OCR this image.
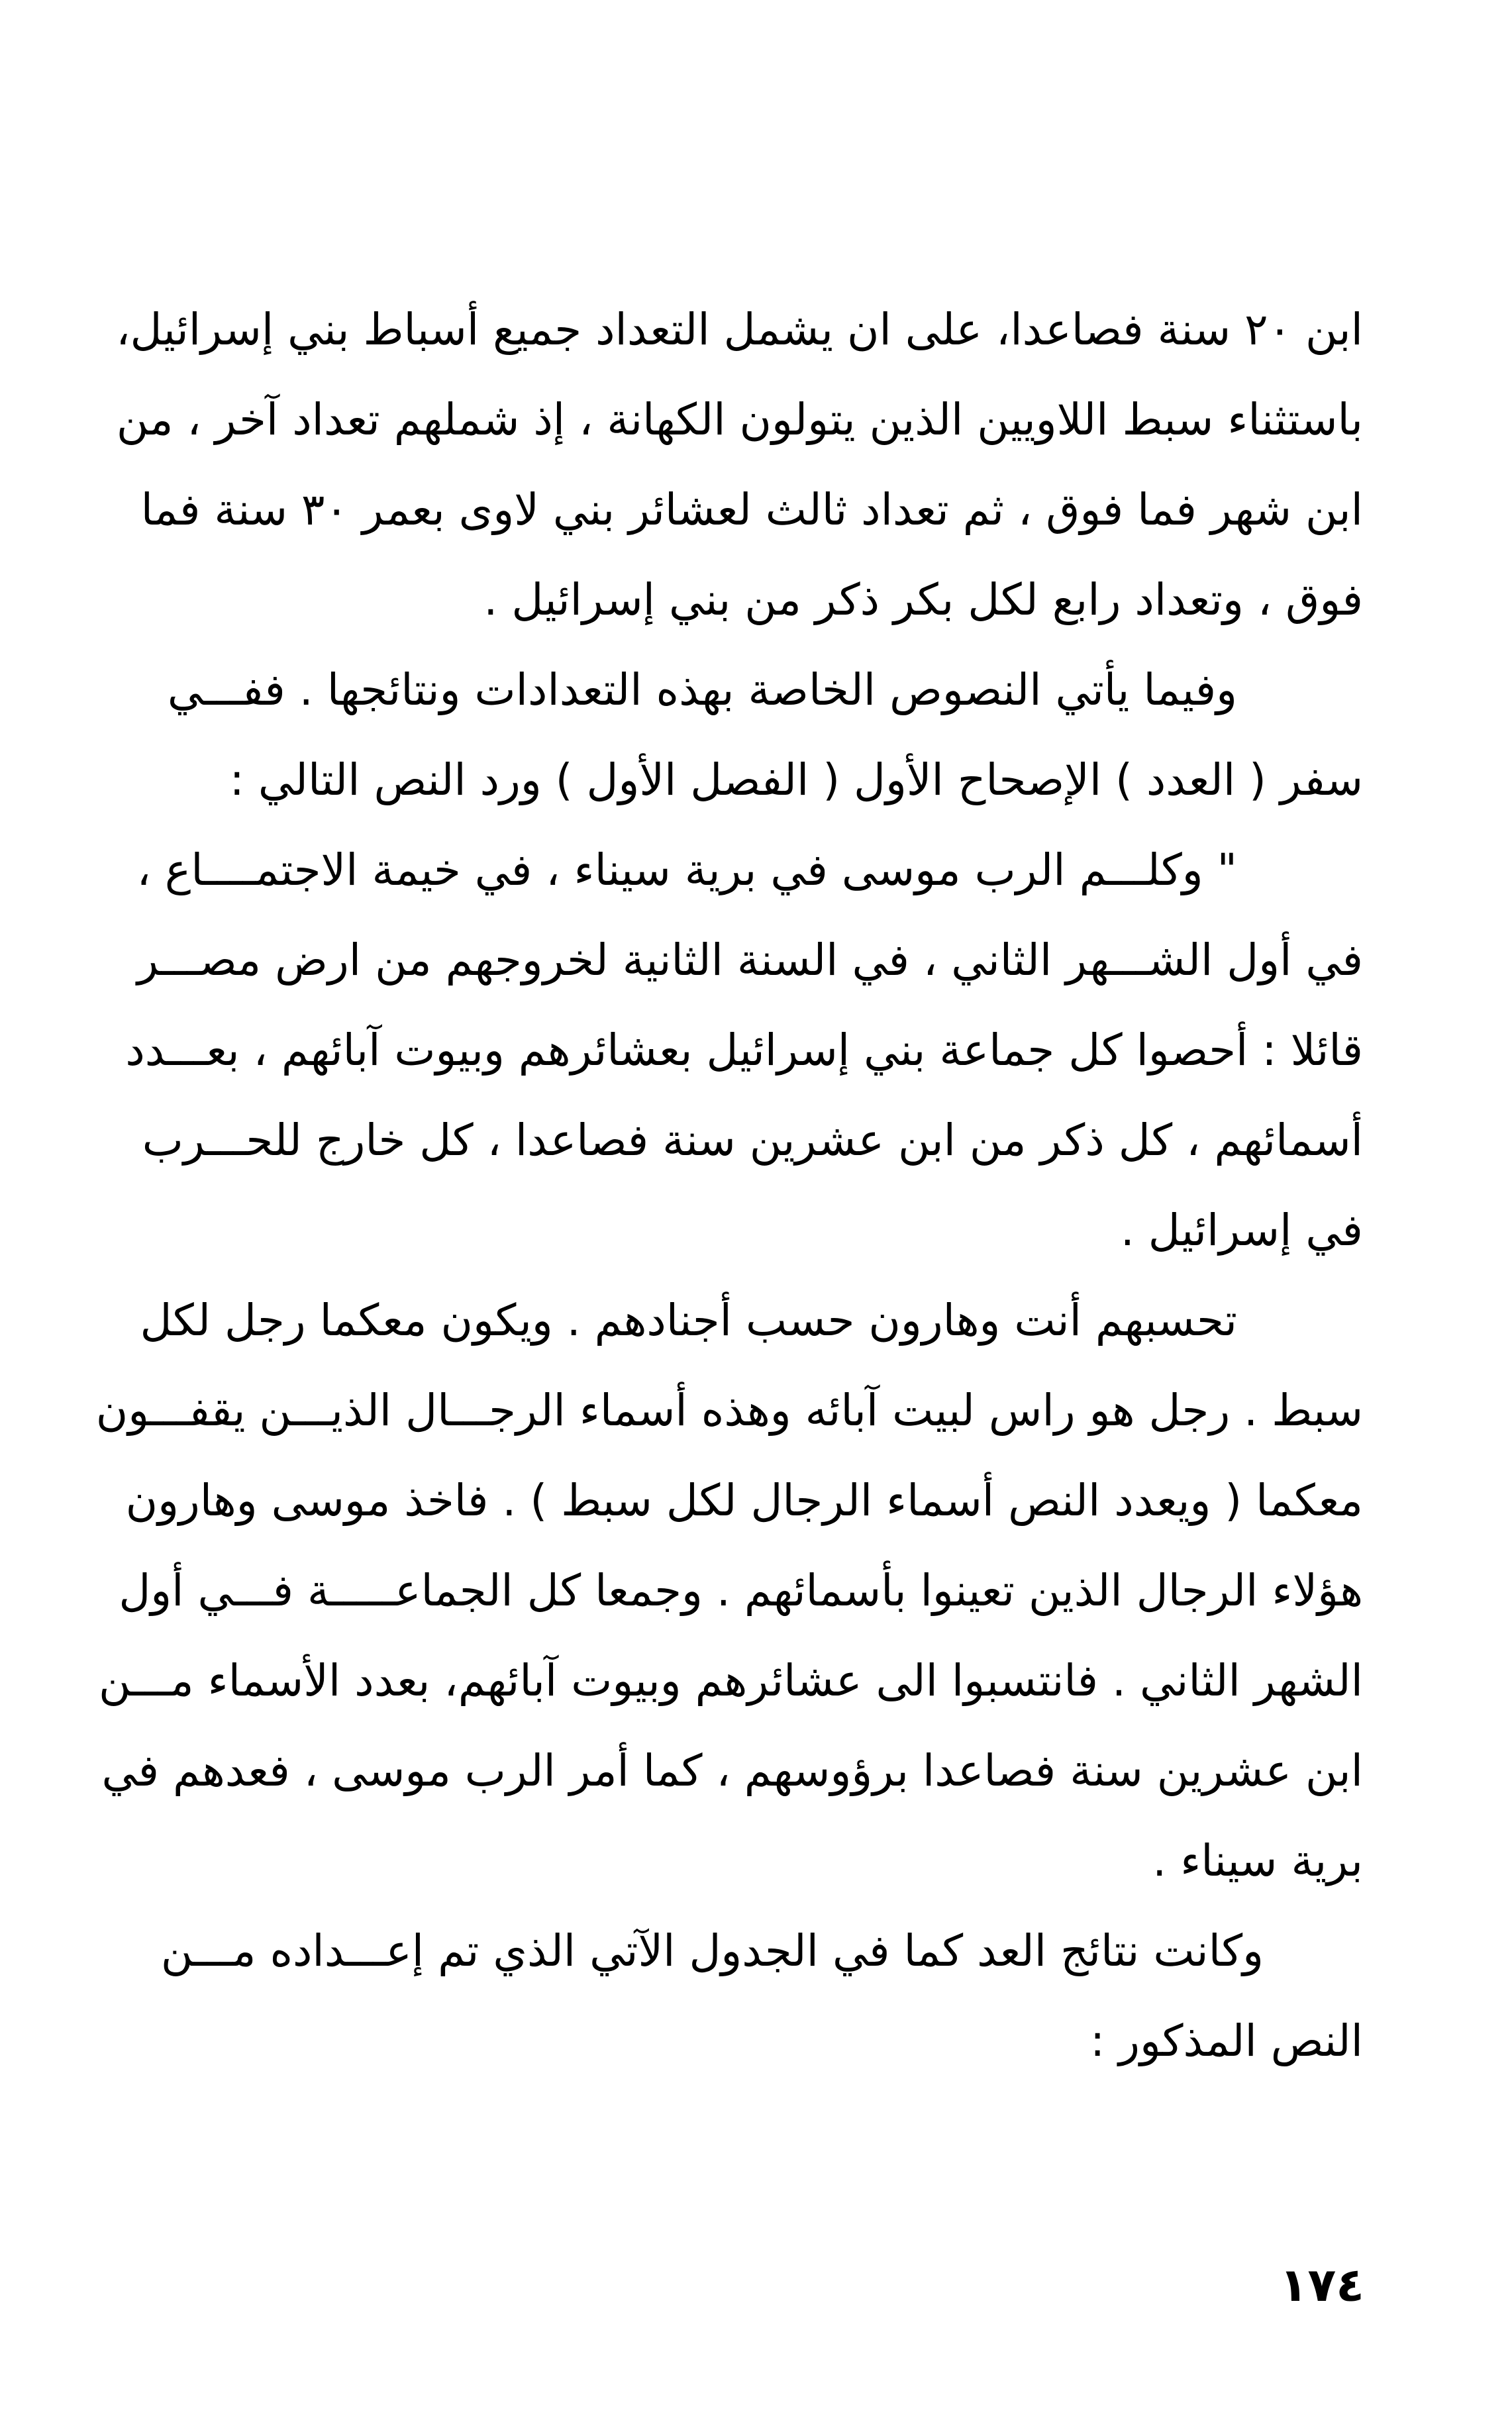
ابن ٢٠ سنة فصاعدا، على ان يشمل التعداد جميع أسباط بني إسرائيل،
باستثناء سبط اللاويين الذين يتولون الكهانة ، إذ شملهم تعداد آخر ، من
ابن شهر فما فوق ، ثم تعداد ثالث لعشائر بني لاوى بعمر ٣٠ سنة فما
فوق ، وتعداد رابع لكل بكر ذكر من بني إسرائيل .
وفيما يأتي النصوص الخاصة بهذه التعدادات ونتائجها . ففـــي
سفر ( العدد ) الإصحاح الأول ( الفصل الأول ) ورد النص التالي :
" وكلـــم الرب موسى في برية سيناء ، في خيمة الاجتمــــاع ،
في أول الشـــهر الثاني ، في السنة الثانية لخروجهم من ارض مصـــر
قائلا : أحصوا كل جماعة بني إسرائيل بعشائرهم وبيوت آبائهم ، بعـــدد
أسمائهم ، كل ذكر من ابن عشرين سنة فصاعدا ، كل خارج للحـــرب
في إسرائيل .
تحسبهم أنت وهارون حسب أجنادهم . ويكون معكما رجل لكل
سبط . رجل هو راس لبيت آبائه وهذه أسماء الرجـــال الذيـــن يقفـــون
معكما ( ويعدد النص أسماء الرجال لكل سبط ) . فاخذ موسى وهارون
هؤلاء الرجال الذين تعينوا بأسمائهم . وجمعا كل الجماعـــــة فـــي أول
الشهر الثاني . فانتسبوا الى عشائرهم وبيوت آبائهم، بعدد الأسماء مـــن
ابن عشرين سنة فصاعدا برؤوسهم ، كما أمر الرب موسى ، فعدهم في
برية سيناء .
وكانت نتائج العد كما في الجدول الآتي الذي تم إعـــداده مـــن
النص المذكور :
١٧٤
